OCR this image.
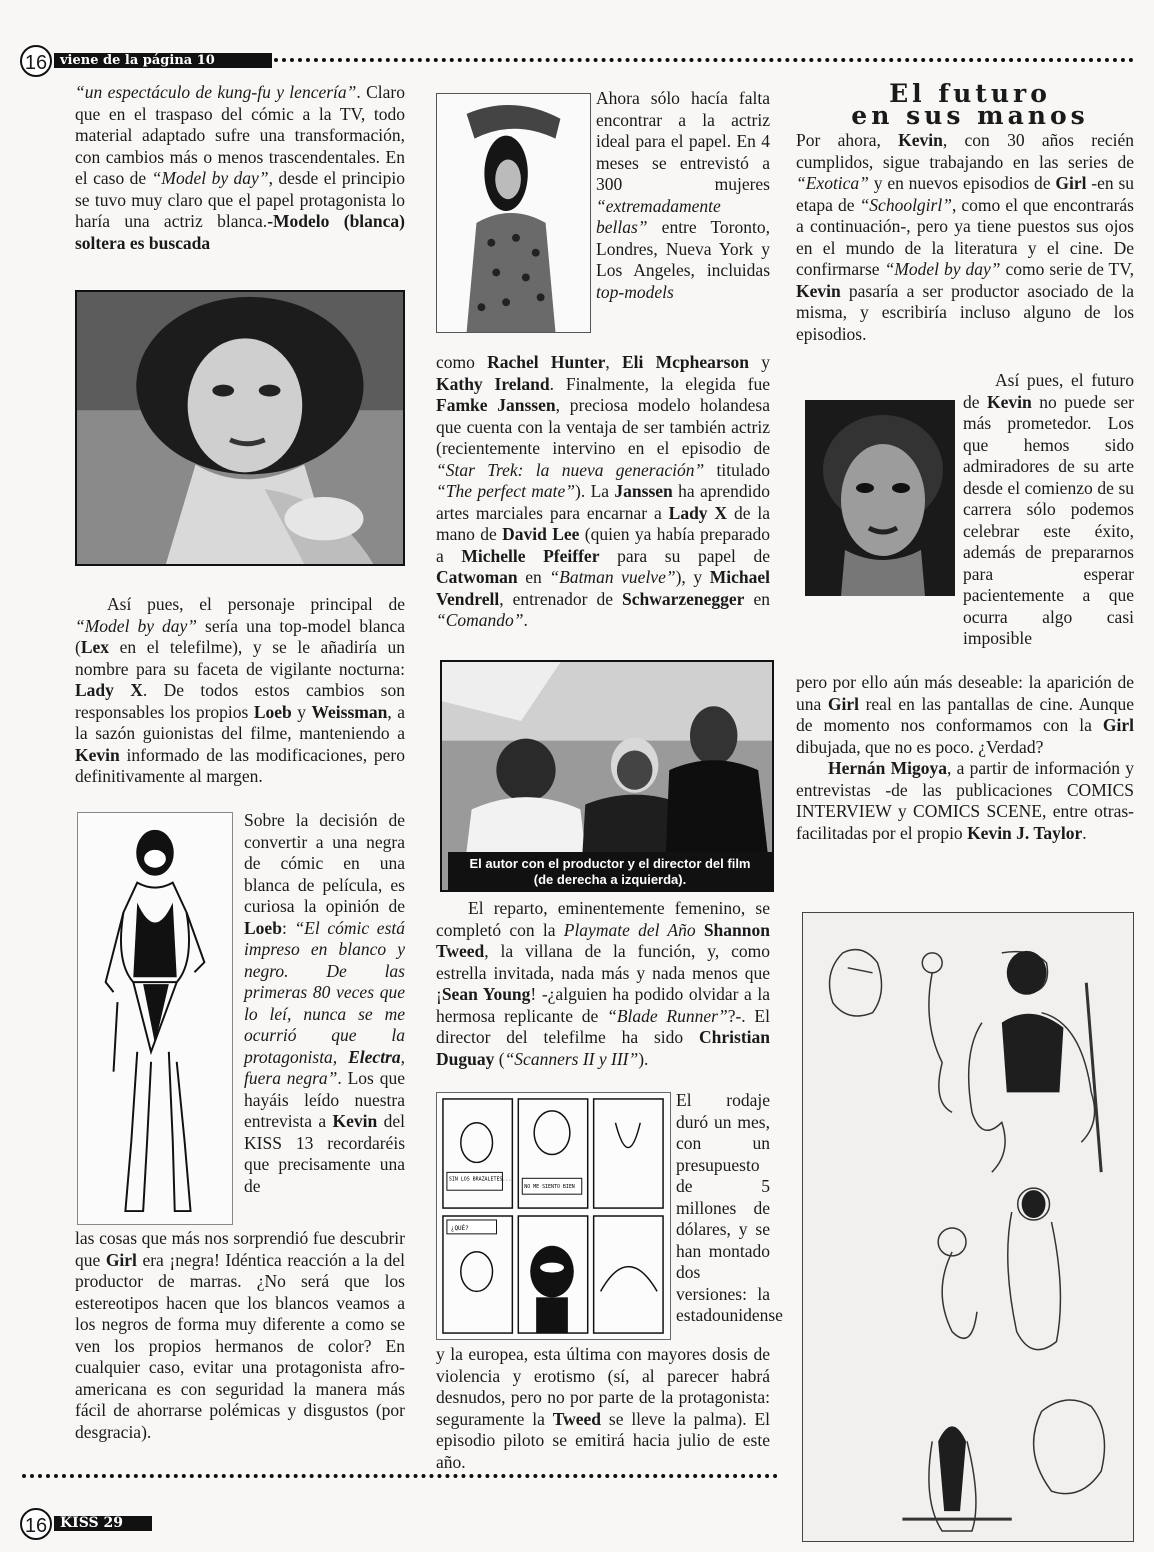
16 viene de la página 10

“un espectáculo de kung-fu y lencería”. Claro que en el traspaso del cómic a la TV, todo material adaptado sufre una transformación, con cambios más o menos trascendentales. En el caso de “Model by day”, desde el principio se tuvo muy claro que el papel protagonista lo haría una actriz blanca.-Modelo (blanca) soltera es buscada

Así pues, el personaje principal de “Model by day” sería una top-model blanca (Lex en el telefilme), y se le añadiría un nombre para su faceta de vigilante nocturna: Lady X. De todos estos cambios son responsables los propios Loeb y Weissman, a la sazón guionistas del filme, manteniendo a Kevin informado de las modificaciones, pero definitivamente al margen.

Sobre la decisión de convertir a una negra de cómic en una blanca de película, es curiosa la opinión de Loeb: “El cómic está impreso en blanco y negro. De las primeras 80 veces que lo leí, nunca se me ocurrió que la protagonista, Electra, fuera negra”. Los que hayáis leído nuestra entrevista a Kevin del KISS 13 recordaréis que precisamente una de

las cosas que más nos sorprendió fue descubrir que Girl era ¡negra! Idéntica reacción a la del productor de marras. ¿No será que los estereotipos hacen que los blancos veamos a los negros de forma muy diferente a como se ven los propios hermanos de color? En cualquier caso, evitar una protagonista afro-americana es con seguridad la manera más fácil de ahorrarse polémicas y disgustos (por desgracia).

Ahora sólo hacía falta encontrar a la actriz ideal para el papel. En 4 meses se entrevistó a 300 mujeres “extremadamente bellas” entre Toronto, Londres, Nueva York y Los Angeles, incluidas top-models

como Rachel Hunter, Eli Mcphearson y Kathy Ireland. Finalmente, la elegida fue Famke Janssen, preciosa modelo holandesa que cuenta con la ventaja de ser también actriz (recientemente intervino en el episodio de “Star Trek: la nueva generación” titulado “The perfect mate”). La Janssen ha aprendido artes marciales para encarnar a Lady X de la mano de David Lee (quien ya había preparado a Michelle Pfeiffer para su papel de Catwoman en “Batman vuelve”), y Michael Vendrell, entrenador de Schwarzenegger en “Comando”.

El autor con el productor y el director del film
(de derecha a izquierda).

El reparto, eminentemente femenino, se completó con la Playmate del Año Shannon Tweed, la villana de la función, y, como estrella invitada, nada más y nada menos que ¡Sean Young! -¿alguien ha podido olvidar a la hermosa replicante de “Blade Runner”?-. El director del telefilme ha sido Christian Duguay (“Scanners II y III”).

SIN LOS BRAZALETES...
NO ME SIENTO BIEN
¿QUÉ?

El rodaje duró un mes, con un presupuesto de 5 millones de dólares, y se han montado dos versiones: la estadounidense

y la europea, esta última con mayores dosis de violencia y erotismo (sí, al parecer habrá desnudos, pero no por parte de la protagonista: seguramente la Tweed se lleve la palma). El episodio piloto se emitirá hacia julio de este año.

El futuro
en sus manos

Por ahora, Kevin, con 30 años recién cumplidos, sigue trabajando en las series de “Exotica” y en nuevos episodios de Girl -en su etapa de “Schoolgirl”, como el que encontrarás a continuación-, pero ya tiene puestos sus ojos en el mundo de la literatura y el cine. De confirmarse “Model by day” como serie de TV, Kevin pasaría a ser productor asociado de la misma, y escribiría incluso alguno de los episodios.

Así pues, el futuro de Kevin no puede ser más prometedor. Los que hemos sido admiradores de su arte desde el comienzo de su carrera sólo podemos celebrar este éxito, además de prepararnos para esperar pacientemente a que ocurra algo casi imposible

pero por ello aún más deseable: la aparición de una Girl real en las pantallas de cine. Aunque de momento nos conformamos con la Girl dibujada, que no es poco. ¿Verdad?

Hernán Migoya, a partir de información y entrevistas -de las publicaciones COMICS INTERVIEW y COMICS SCENE, entre otras- facilitadas por el propio Kevin J. Taylor.

16 KISS 29
